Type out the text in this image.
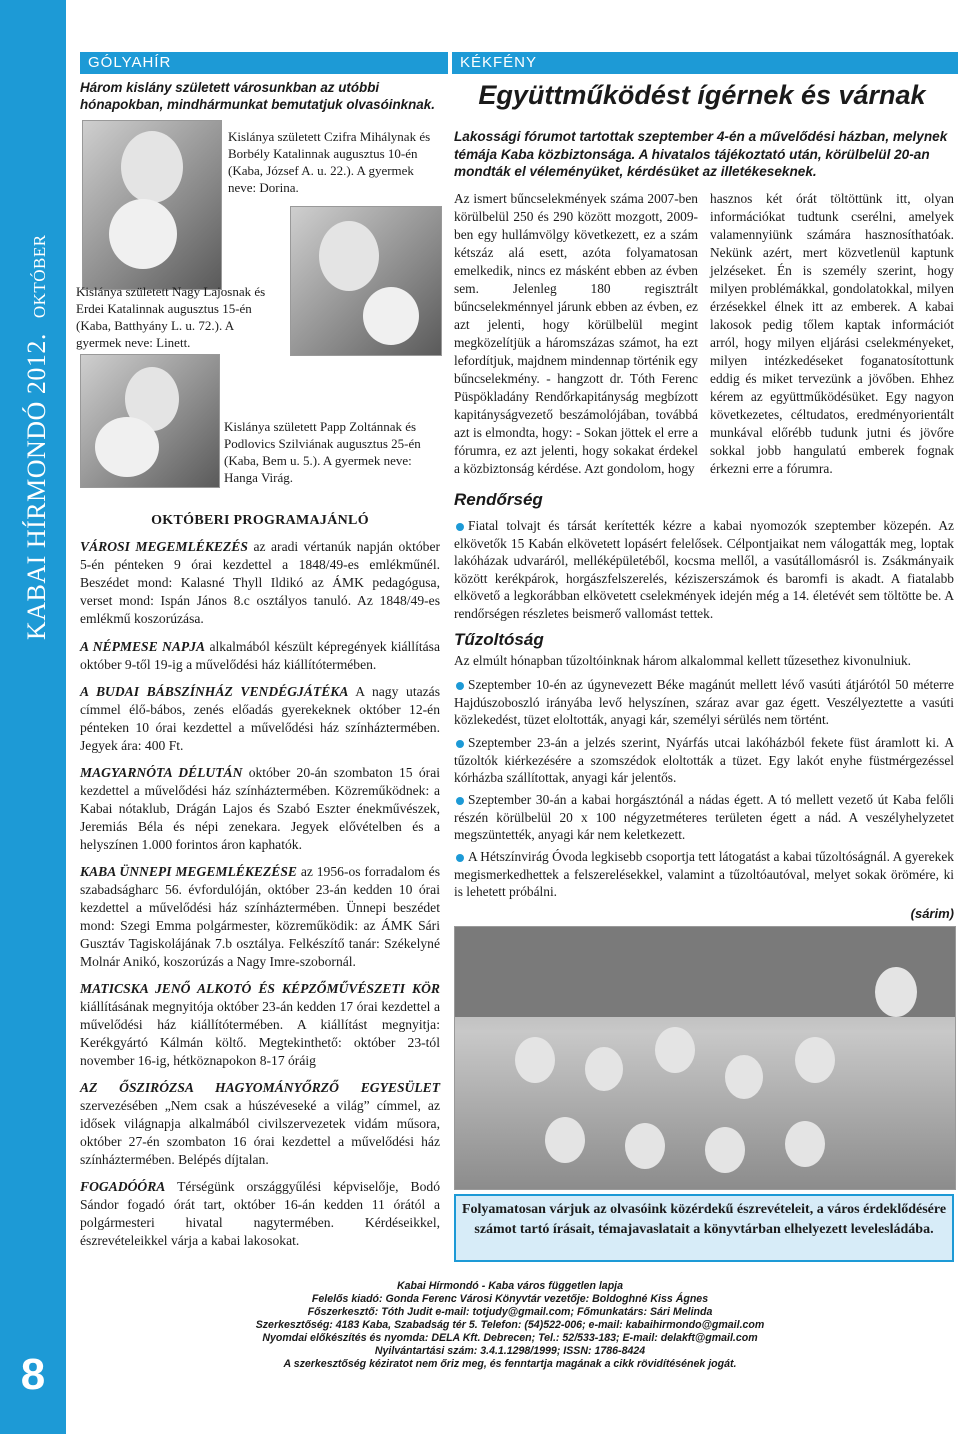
KABAI HÍRMONDÓ 2012. OKTÓBER
8
GÓLYAHÍR
Három kislány született városunkban az utóbbi hónapokban, mindhármunkat bemutatjuk olvasóinknak.
Kislánya született Czifra Mihálynak és Borbély Katalinnak augusztus 10-én (Kaba, József A. u. 22.). A gyermek neve: Dorina.
Kislánya született Nagy Lajosnak és Erdei Katalinnak augusztus 15-én (Kaba, Batthyány L. u. 72.). A gyermek neve: Linett.
Kislánya született Papp Zoltánnak és Podlovics Szilviának augusztus 25-én (Kaba, Bem u. 5.). A gyermek neve: Hanga Virág.
OKTÓBERI PROGRAMAJÁNLÓ

VÁROSI MEGEMLÉKEZÉS az aradi vértanúk napján október 5-én pénteken 9 órai kezdettel a 1848/49-es emlékműnél. Beszédet mond: Kalasné Thyll Ildikó az ÁMK pedagógusa, verset mond: Ispán János 8.c osztályos tanuló. Az 1848/49-es emlékmű koszorúzása.

A NÉPMESE NAPJA alkalmából készült képregények kiállítása október 9-től 19-ig a művelődési ház kiállítótermében.

A BUDAI BÁBSZÍNHÁZ VENDÉGJÁTÉKA A nagy utazás címmel élő-bábos, zenés előadás gyerekeknek október 12-én pénteken 10 órai kezdettel a művelődési ház színháztermében. Jegyek ára: 400 Ft.

MAGYARNÓTA DÉLUTÁN október 20-án szombaton 15 órai kezdettel a művelődési ház színháztermében. Közreműködnek: a Kabai nótaklub, Drágán Lajos és Szabó Eszter énekművészek, Jeremiás Béla és népi zenekara. Jegyek elővételben és a helyszínen 1.000 forintos áron kaphatók.

KABA ÜNNEPI MEGEMLÉKEZÉSE az 1956-os forradalom és szabadságharc 56. évfordulóján, október 23-án kedden 10 órai kezdettel a művelődési ház színháztermében. Ünnepi beszédet mond: Szegi Emma polgármester, közreműködik: az ÁMK Sári Gusztáv Tagiskolájának 7.b osztálya. Felkészítő tanár: Székelyné Molnár Anikó, koszorúzás a Nagy Imre-szobornál.

MATICSKA JENŐ ALKOTÓ ÉS KÉPZŐMŰVÉSZETI KÖR kiállításának megnyitója október 23-án kedden 17 órai kezdettel a művelődési ház kiállítótermében. A kiállítást megnyitja: Kerékgyártó Kálmán költő. Megtekinthető: október 23-tól november 16-ig, hétköznapokon 8-17 óráig

AZ ŐSZIRÓZSA HAGYOMÁNYŐRZŐ EGYESÜLET szervezésében „Nem csak a húszéveseké a világ” címmel, az idősek világnapja alkalmából civilszervezetek vidám műsora, október 27-én szombaton 16 órai kezdettel a művelődési ház színháztermében. Belépés díjtalan.

FOGADÓÓRA Térségünk országgyűlési képviselője, Bodó Sándor fogadó órát tart, október 16-án kedden 11 órától a polgármesteri hivatal nagytermében. Kérdéseikkel, észrevételeikkel várja a kabai lakosokat.

KÉKFÉNY
Együttműködést ígérnek és várnak
Lakossági fórumot tartottak szeptember 4-én a művelődési házban, melynek témája Kaba közbiztonsága. A hivatalos tájékoztató után, körülbelül 20-an mondták el véleményüket, kérdésüket az illetékeseknek.
Az ismert bűncselekmények száma 2007-ben körülbelül 250 és 290 között mozgott, 2009-ben egy hullámvölgy következett, ez a szám kétszáz alá esett, azóta folyamatosan emelkedik, nincs ez másként ebben az évben sem. Jelenleg 180 regisztrált bűncselekménnyel járunk ebben az évben, ez azt jelenti, hogy körülbelül megint megközelítjük a háromszázas számot, ha ezt lefordítjuk, majdnem mindennap történik egy bűncselekmény. - hangzott dr. Tóth Ferenc Püspökladány Rendőrkapitányság megbízott kapitányságvezető beszámolójában, továbbá azt is elmondta, hogy: - Sokan jöttek el erre a fórumra, ez azt jelenti, hogy sokakat érdekel a közbiztonság kérdése. Azt gondolom, hogy
hasznos két órát töltöttünk itt, olyan információkat tudtunk cserélni, amelyek valamennyiünk számára hasznosíthatóak. Nekünk azért, mert közvetlenül kaptunk jelzéseket. Én is személy szerint, hogy milyen problémákkal, gondolatokkal, milyen érzésekkel élnek itt az emberek. A kabai lakosok pedig tőlem kaptak információt arról, hogy milyen eljárási cselekményeket, milyen intézkedéseket foganatosítottunk eddig és miket tervezünk a jövőben. Ehhez kérem az együttműködésüket. Egy nagyon következetes, céltudatos, eredményorientált munkával előrébb tudunk jutni és jövőre sokkal jobb hangulatú emberek fognak érkezni erre a fórumra.
Rendőrség
Fiatal tolvajt és társát kerítették kézre a kabai nyomozók szeptember közepén. Az elkövetők 15 Kabán elkövetett lopásért felelősek. Célpontjaikat nem válogatták meg, loptak lakóházak udvaráról, melléképületéből, kocsma mellől, a vasútállomásról is. Zsákmányaik között kerékpárok, horgászfelszerelés, kéziszerszámok és baromfi is akadt. A fiatalabb elkövető a legkorábban elkövetett cselekmények idején még a 14. életévét sem töltötte be. A rendőrségen részletes beismerő vallomást tettek.
Tűzoltóság
Az elmúlt hónapban tűzoltóinknak három alkalommal kellett tűzesethez kivonulniuk.
Szeptember 10-én az úgynevezett Béke magánút mellett lévő vasúti átjárótól 50 méterre Hajdúszoboszló irányába levő helyszínen, száraz avar gaz égett. Veszélyeztette a vasúti közlekedést, tüzet eloltották, anyagi kár, személyi sérülés nem történt.
Szeptember 23-án a jelzés szerint, Nyárfás utcai lakóházból fekete füst áramlott ki. A tűzoltók kiérkezésére a szomszédok eloltották a tüzet. Egy lakót enyhe füstmérgezéssel kórházba szállítottak, anyagi kár jelentős.
Szeptember 30-án a kabai horgásztónál a nádas égett. A tó mellett vezető út Kaba felőli részén körülbelül 20 x 100 négyzetméteres területen égett a nád. A veszélyhelyzetet megszüntették, anyagi kár nem keletkezett.
A Hétszínvirág Óvoda legkisebb csoportja tett látogatást a kabai tűzoltóságnál. A gyerekek megismerkedhettek a felszerelésekkel, valamint a tűzoltóautóval, melyet sokak örömére, ki is lehetett próbálni.
(sárim)
Folyamatosan várjuk az olvasóink közérdekű észrevételeit, a város érdeklődésére számot tartó írásait, témajavaslatait a könyvtárban elhelyezett levelesládába.
Kabai Hírmondó - Kaba város független lapja
Felelős kiadó: Gonda Ferenc Városi Könyvtár vezetője: Boldoghné Kiss Ágnes
Főszerkesztő: Tóth Judit e-mail: totjudy@gmail.com; Főmunkatárs: Sári Melinda
Szerkesztőség: 4183 Kaba, Szabadság tér 5. Telefon: (54)522-006; e-mail: kabaihirmondo@gmail.com
Nyomdai előkészítés és nyomda: DELA Kft. Debrecen; Tel.: 52/533-183; E-mail: delakft@gmail.com
Nyilvántartási szám: 3.4.1.1298/1999; ISSN: 1786-8424
A szerkesztőség kéziratot nem őriz meg, és fenntartja magának a cikk rövidítésének jogát.
